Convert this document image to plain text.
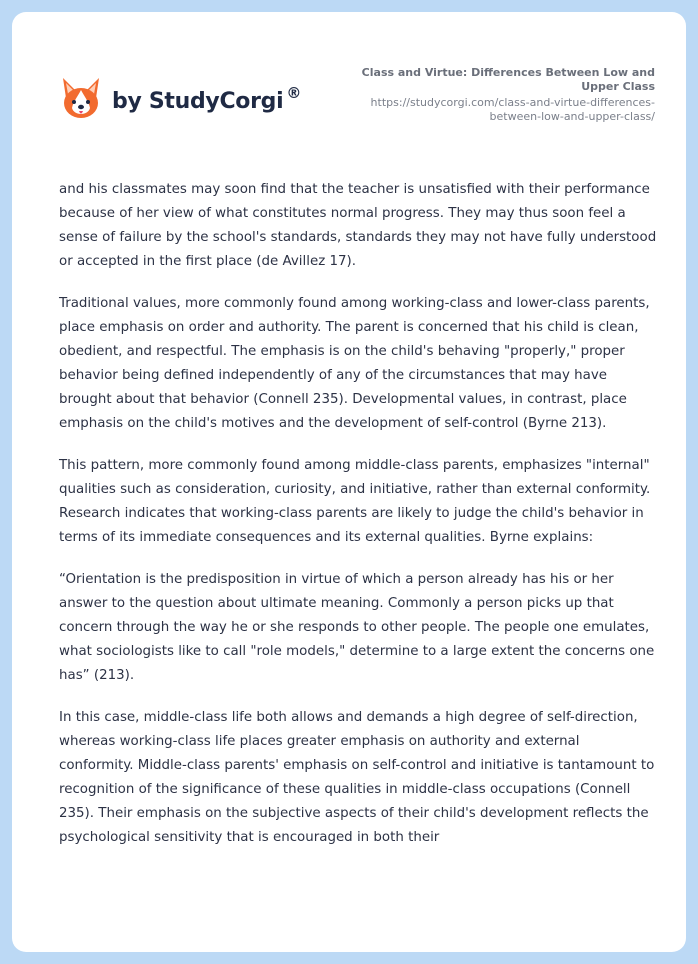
by StudyCorgi ®
Class and Virtue: Differences Between Low and Upper Class
https://studycorgi.com/class-and-virtue-differences-between-low-and-upper-class/

and his classmates may soon find that the teacher is unsatisfied with their performance because of her view of what constitutes normal progress. They may thus soon feel a sense of failure by the school's standards, standards they may not have fully understood or accepted in the first place (de Avillez 17).

Traditional values, more commonly found among working-class and lower-class parents, place emphasis on order and authority. The parent is concerned that his child is clean, obedient, and respectful. The emphasis is on the child's behaving "properly," proper behavior being defined independently of any of the circumstances that may have brought about that behavior (Connell 235). Developmental values, in contrast, place emphasis on the child's motives and the development of self-control (Byrne 213).

This pattern, more commonly found among middle-class parents, emphasizes "internal" qualities such as consideration, curiosity, and initiative, rather than external conformity. Research indicates that working-class parents are likely to judge the child's behavior in terms of its immediate consequences and its external qualities. Byrne explains:

“Orientation is the predisposition in virtue of which a person already has his or her answer to the question about ultimate meaning. Commonly a person picks up that concern through the way he or she responds to other people. The people one emulates, what sociologists like to call "role models," determine to a large extent the concerns one has” (213).

In this case, middle-class life both allows and demands a high degree of self-direction, whereas working-class life places greater emphasis on authority and external conformity. Middle-class parents' emphasis on self-control and initiative is tantamount to recognition of the significance of these qualities in middle-class occupations (Connell 235). Their emphasis on the subjective aspects of their child's development reflects the psychological sensitivity that is encouraged in both their
